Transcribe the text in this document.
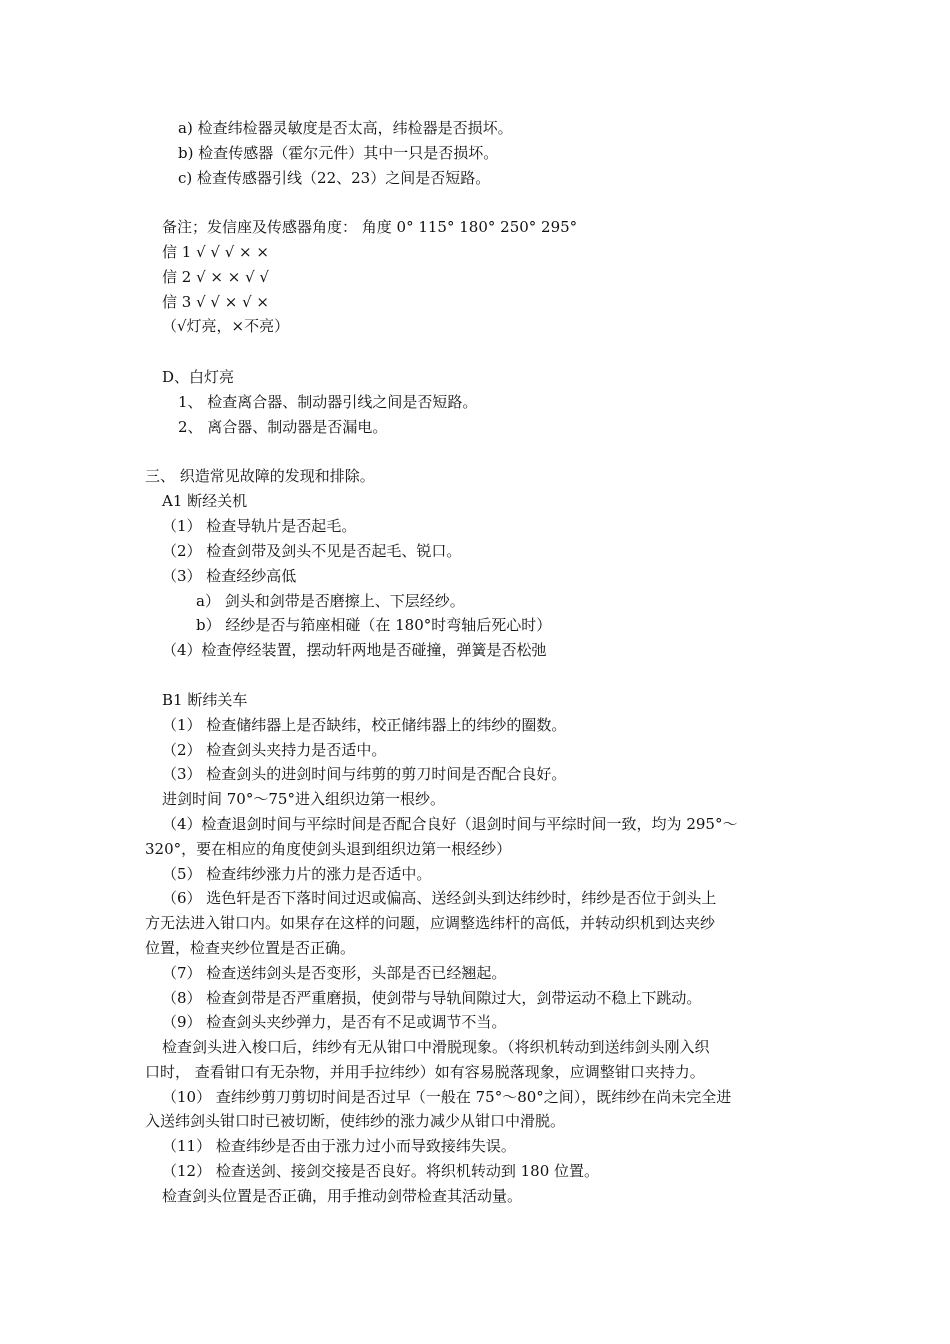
a) 检查纬检器灵敏度是否太高，纬检器是否损坏。
b) 检查传感器（霍尔元件）其中一只是否损坏。
c) 检查传感器引线（22、23）之间是否短路。
备注；发信座及传感器角度： 角度 0° 115° 180° 250° 295°
信 1 √ √ √ × ×
信 2 √ × × √ √
信 3 √ √ × √ ×
（√灯亮，×不亮）
D、白灯亮
1、 检查离合器、制动器引线之间是否短路。
2、 离合器、制动器是否漏电。
三、 织造常见故障的发现和排除。
A1 断经关机
（1） 检查导轨片是否起毛。
（2） 检查剑带及剑头不见是否起毛、锐口。
（3） 检查经纱高低
a） 剑头和剑带是否磨擦上、下层经纱。
b） 经纱是否与筘座相碰（在 180°时弯轴后死心时）
（4）检查停经装置，摆动轩两地是否碰撞，弹簧是否松弛
B1 断纬关车
（1） 检查储纬器上是否缺纬，校正储纬器上的纬纱的圈数。
（2） 检查剑头夹持力是否适中。
（3） 检查剑头的进剑时间与纬剪的剪刀时间是否配合良好。
进剑时间 70°～75°进入组织边第一根纱。
（4）检查退剑时间与平综时间是否配合良好（退剑时间与平综时间一致，均为 295°～
320°，要在相应的角度使剑头退到组织边第一根经纱）
（5） 检查纬纱涨力片的涨力是否适中。
（6） 选色轩是否下落时间过迟或偏高、送经剑头到达纬纱时，纬纱是否位于剑头上
方无法进入钳口内。如果存在这样的问题，应调整选纬杆的高低，并转动织机到达夹纱
位置，检查夹纱位置是否正确。
（7） 检查送纬剑头是否变形，头部是否已经翘起。
（8） 检查剑带是否严重磨损，使剑带与导轨间隙过大，剑带运动不稳上下跳动。
（9） 检查剑头夹纱弹力，是否有不足或调节不当。
检查剑头进入梭口后，纬纱有无从钳口中滑脱现象。（将织机转动到送纬剑头刚入织
口时， 查看钳口有无杂物，并用手拉纬纱）如有容易脱落现象，应调整钳口夹持力。
（10） 查纬纱剪刀剪切时间是否过早（一般在 75°～80°之间），既纬纱在尚未完全进
入送纬剑头钳口时已被切断，使纬纱的涨力减少从钳口中滑脱。
（11） 检查纬纱是否由于涨力过小而导致接纬失误。
（12） 检查送剑、接剑交接是否良好。将织机转动到 180 位置。
检查剑头位置是否正确，用手推动剑带检查其活动量。
